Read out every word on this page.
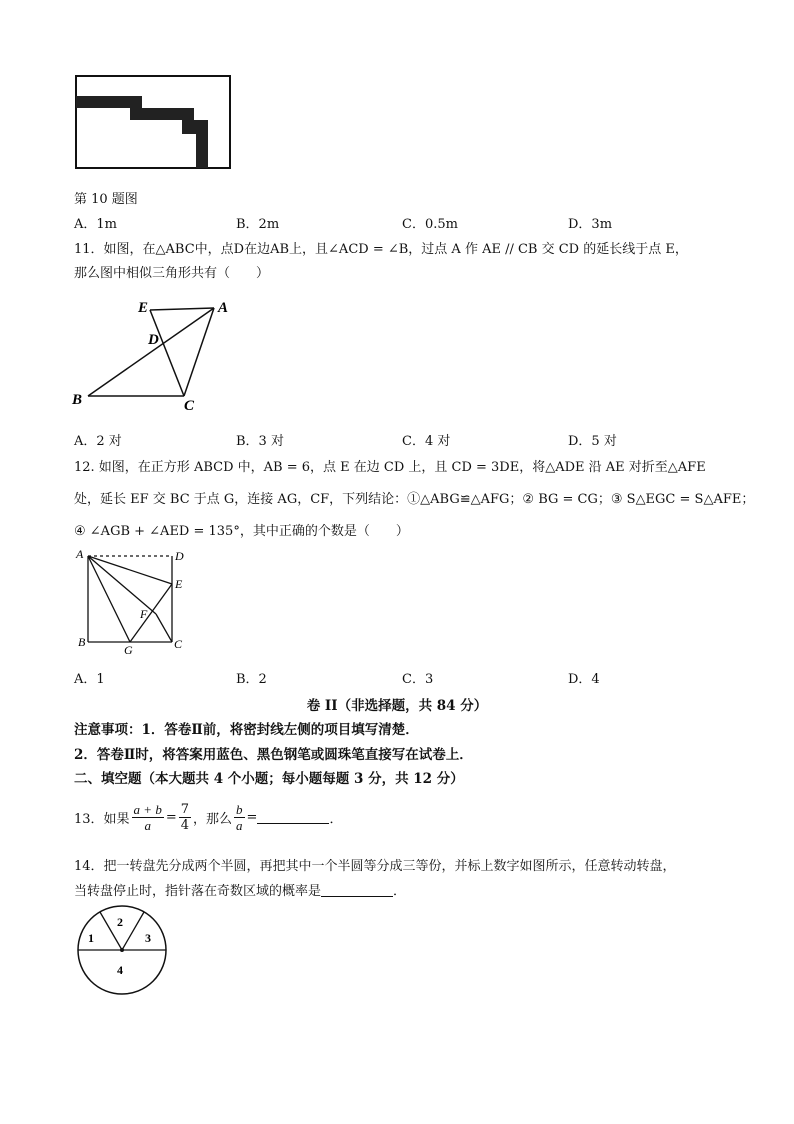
第 10 题图
A．1m	B．2m	C．0.5m	D．3m
11．如图，在△ABC中，点D在边AB上，且∠ACD = ∠B，过点 A 作 AE // CB 交 CD 的延长线于点 E，
那么图中相似三角形共有（　　）
E	A
D
B	C
A．2 对	B．3 对	C．4 对	D．5 对
12. 如图，在正方形 ABCD 中，AB = 6，点 E 在边 CD 上，且 CD = 3DE，将△ADE 沿 AE 对折至△AFE
处，延长 EF 交 BC 于点 G，连接 AG，CF，下列结论：①△ABG≌△AFG；② BG = CG；③ S△EGC = S△AFE；
④ ∠AGB + ∠AED = 135°，其中正确的个数是（　　）
A	D
E
F
B
G	C
A．1	B．2	C．3	D．4
卷 II（非选择题，共 84 分）
注意事项：1．答卷Ⅱ前，将密封线左侧的项目填写清楚．
2．答卷Ⅱ时，将答案用蓝色、黑色钢笔或圆珠笔直接写在试卷上．
二、填空题（本大题共 4 个小题；每小题每题 3 分，共 12 分）
13．如果 $\frac{a + b}{a} = \frac{7}{4}$ ，那么 $\frac{b}{a}$ =	．
14．把一转盘先分成两个半圆，再把其中一个半圆等分成三等份，并标上数字如图所示，任意转动转盘，
当转盘停止时，指针落在奇数区域的概率是	．
1
2
3
4
